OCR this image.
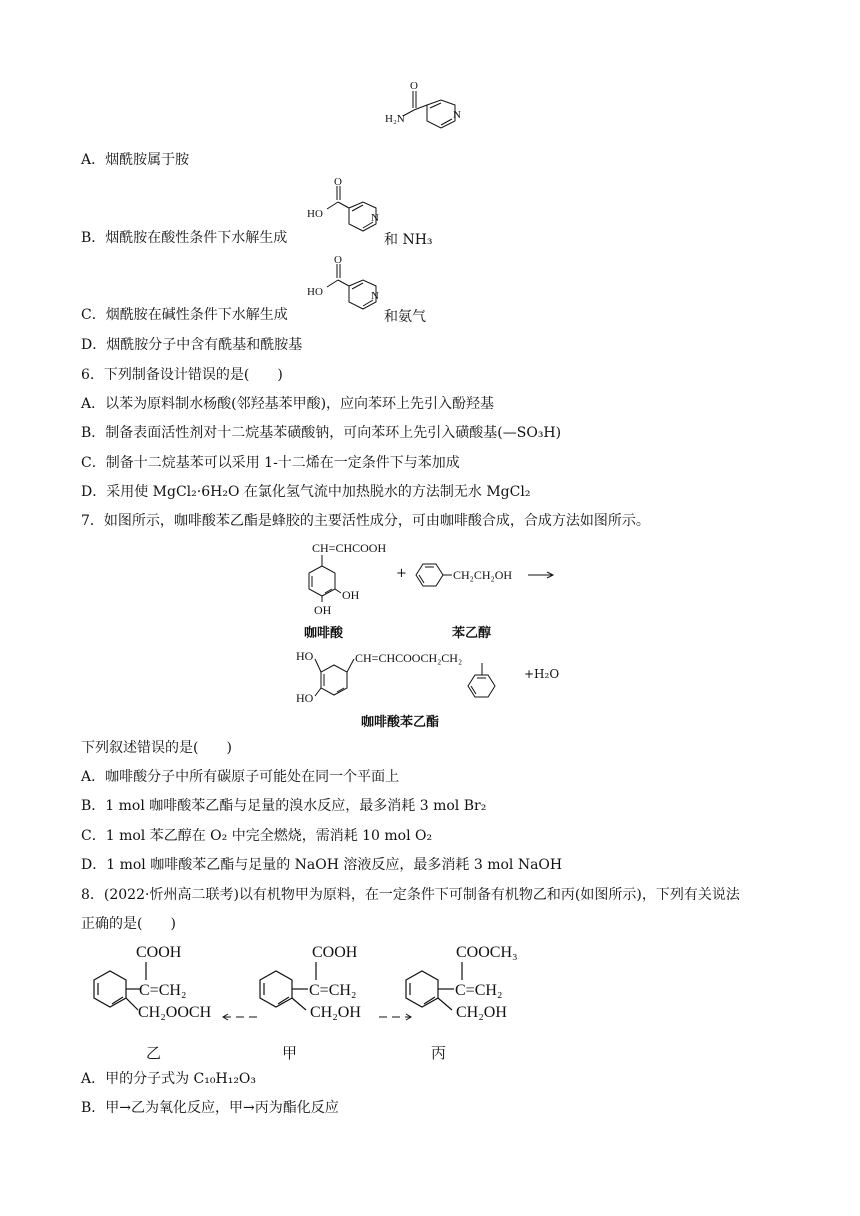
O
H₂N	N
A．烟酰胺属于胺
B．烟酰胺在酸性条件下水解生成
O
HO	N
和 NH₃
C．烟酰胺在碱性条件下水解生成
O
HO	N
和氨气
D．烟酰胺分子中含有酰基和酰胺基
6．下列制备设计错误的是(　　)
A．以苯为原料制水杨酸(邻羟基苯甲酸)，应向苯环上先引入酚羟基
B．制备表面活性剂对十二烷基苯磺酸钠，可向苯环上先引入磺酸基(—SO₃H)
C．制备十二烷基苯可以采用 1-十二烯在一定条件下与苯加成
D．采用使 MgCl₂·6H₂O 在氯化氢气流中加热脱水的方法制无水 MgCl₂
7．如图所示，咖啡酸苯乙酯是蜂胶的主要活性成分，可由咖啡酸合成，合成方法如图所示。
CH=CHCOOH
OH
OH
咖啡酸
+	CH₂CH₂OH
苯乙醇
HO
HO
CH=CHCOOCH₂CH₂
+H₂O
咖啡酸苯乙酯
下列叙述错误的是(　　)
A．咖啡酸分子中所有碳原子可能处在同一个平面上
B．1 mol 咖啡酸苯乙酯与足量的溴水反应，最多消耗 3 mol Br₂
C．1 mol 苯乙醇在 O₂ 中完全燃烧，需消耗 10 mol O₂
D．1 mol 咖啡酸苯乙酯与足量的 NaOH 溶液反应，最多消耗 3 mol NaOH
8．(2022·忻州高二联考)以有机物甲为原料，在一定条件下可制备有机物乙和丙(如图所示)，下列有关说法
正确的是(　　)
COOH
C=CH₂
CH₂OOCH
乙
COOH
C=CH₂
CH₂OH
甲
COOCH₃
C=CH₂
CH₂OH
丙
A．甲的分子式为 C₁₀H₁₂O₃
B．甲→乙为氧化反应，甲→丙为酯化反应
